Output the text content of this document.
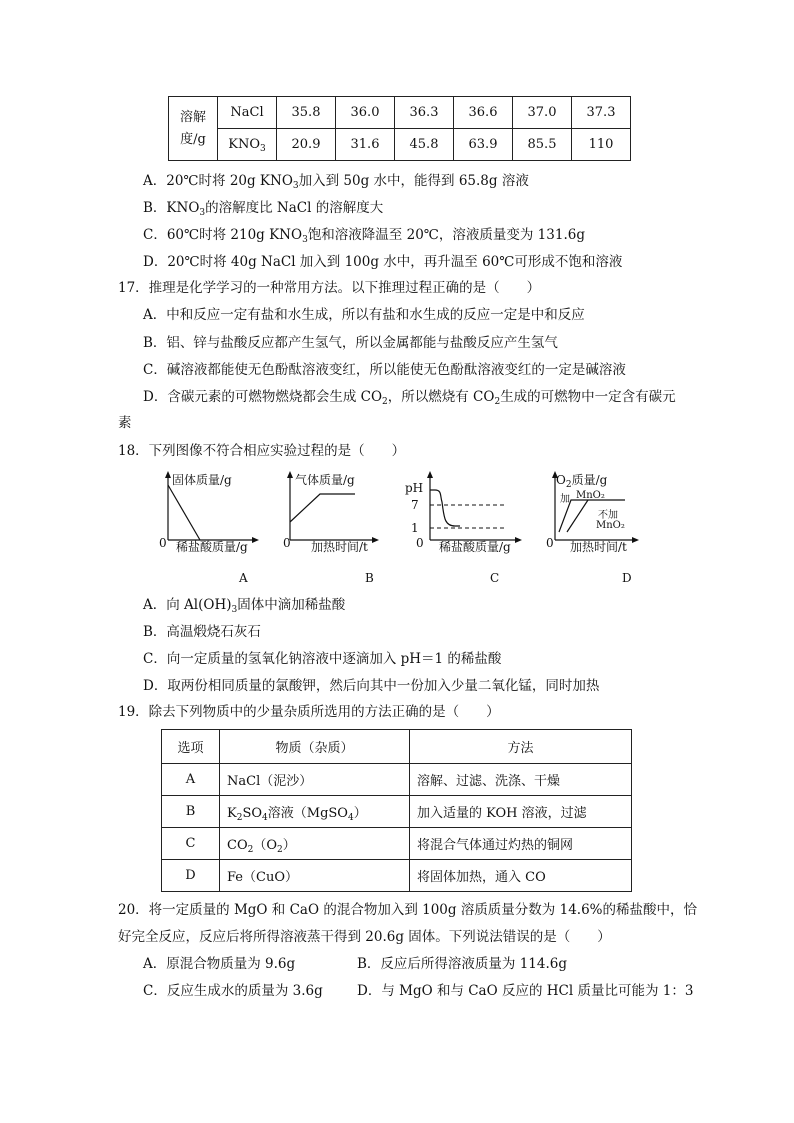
溶解
度/g	NaCl	35.8	36.0	36.3	36.6	37.0	37.3
	$KNO_3$	20.9	31.6	45.8	63.9	85.5	110
A．20℃时将 20g $KNO_3$加入到 50g 水中，能得到 65.8g 溶液
B．$KNO_3$的溶解度比 NaCl 的溶解度大
C．60℃时将 210g $KNO_3$饱和溶液降温至 20℃，溶液质量变为 131.6g
D．20℃时将 40g NaCl 加入到 100g 水中，再升温至 60℃可形成不饱和溶液
17．推理是化学学习的一种常用方法。以下推理过程正确的是（　　）
A．中和反应一定有盐和水生成，所以有盐和水生成的反应一定是中和反应
B．铝、锌与盐酸反应都产生氢气，所以金属都能与盐酸反应产生氢气
C．碱溶液都能使无色酚酞溶液变红，所以能使无色酚酞溶液变红的一定是碱溶液
D．含碳元素的可燃物燃烧都会生成 $CO_2$，所以燃烧有 $CO_2$生成的可燃物中一定含有碳元
素
18．下列图像不符合相应实验过程的是（　　）
固体质量/g
0 稀盐酸质量/g
A
气体质量/g
0 加热时间/t
B
pH
7
1
0 稀盐酸质量/g
C
$O_2$质量/g
加 MnO₂
不加
MnO₂
0 加热时间/t
D
A．向 $Al(OH)_3$固体中滴加稀盐酸
B．高温煅烧石灰石
C．向一定质量的氢氧化钠溶液中逐滴加入 pH＝1 的稀盐酸
D．取两份相同质量的氯酸钾，然后向其中一份加入少量二氧化锰，同时加热
19．除去下列物质中的少量杂质所选用的方法正确的是（　　）
选项	物质（杂质）	方法
A	NaCl（泥沙）	溶解、过滤、洗涤、干燥
B	$K_2SO_4$溶液（MgSO$_4$）	加入适量的 KOH 溶液，过滤
C	$CO_2(O_2)$	将混合气体通过灼热的铜网
D	Fe（CuO）	将固体加热，通入 CO
20．将一定质量的 MgO 和 CaO 的混合物加入到 100g 溶质质量分数为 14.6%的稀盐酸中，恰
好完全反应，反应后将所得溶液蒸干得到 20.6g 固体。下列说法错误的是（　　）
A．原混合物质量为 9.6g	B．反应后所得溶液质量为 114.6g
C．反应生成水的质量为 3.6g	D．与 MgO 和与 CaO 反应的 HCl 质量比可能为 1：3
